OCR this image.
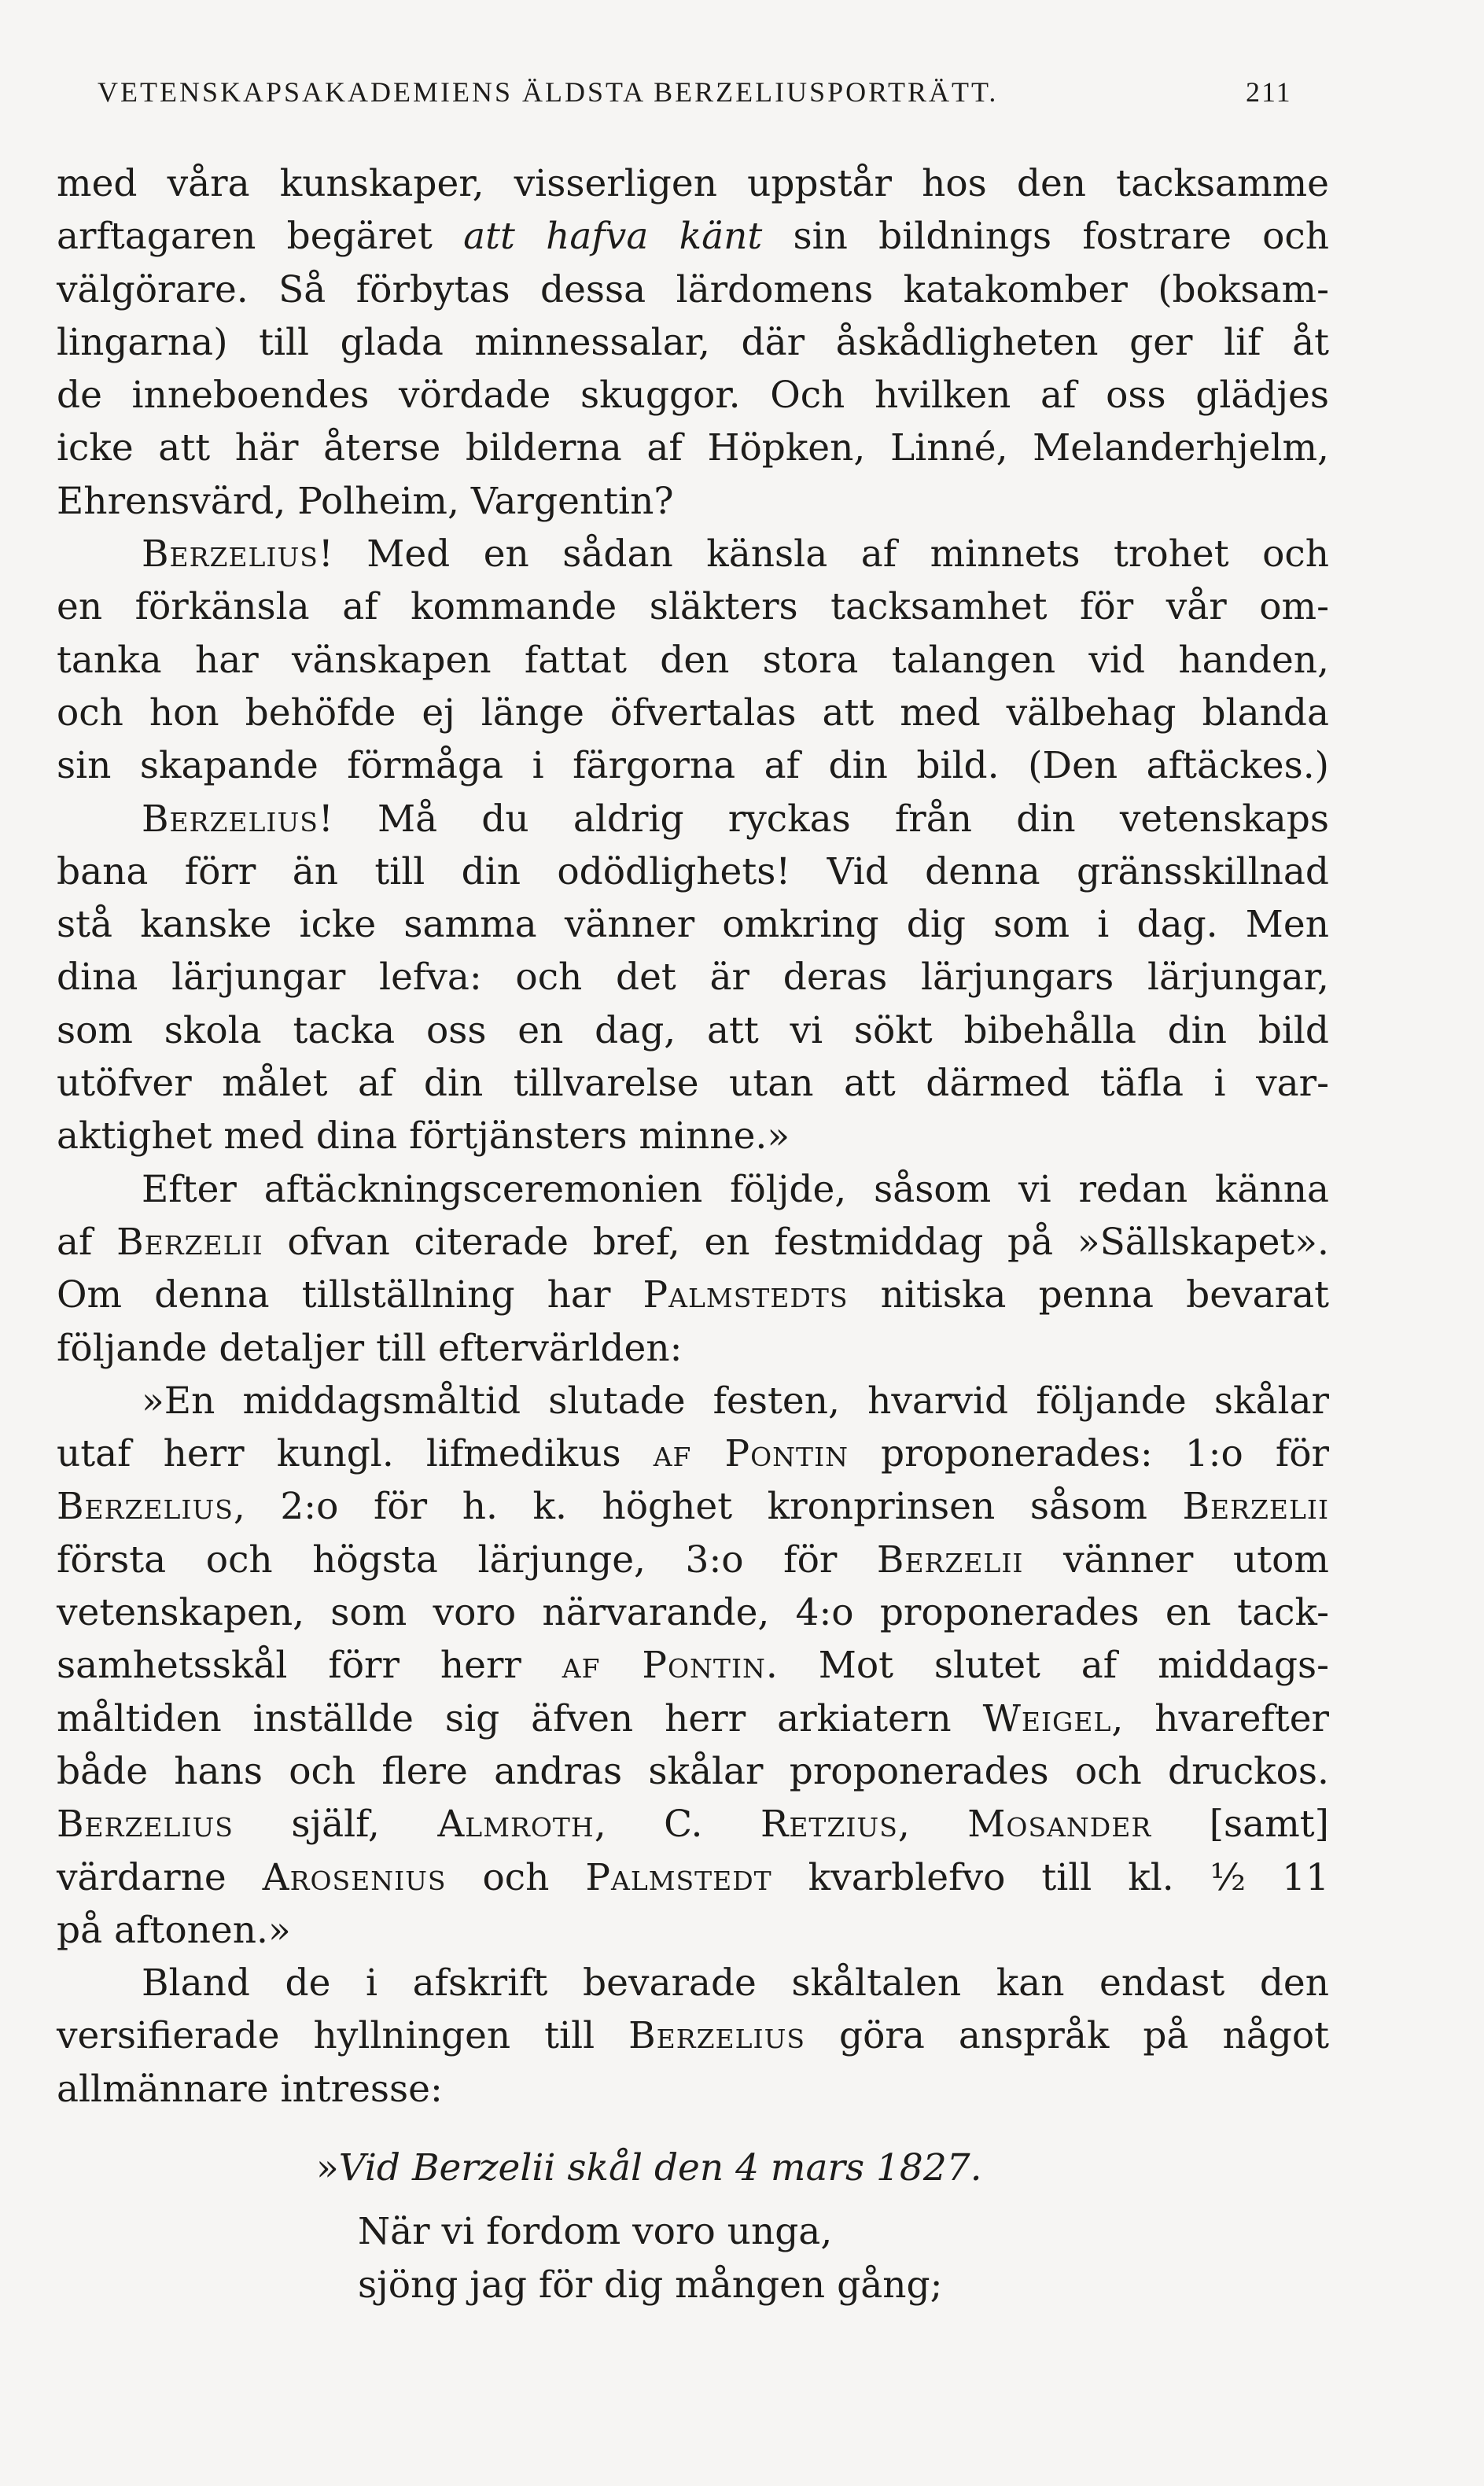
VETENSKAPSAKADEMIENS ÄLDSTA BERZELIUSPORTRÄTT.	211
med våra kunskaper, visserligen uppstår hos den tacksamme
arftagaren begäret att hafva känt sin bildnings fostrare och
välgörare. Så förbytas dessa lärdomens katakomber (boksam-
lingarna) till glada minnessalar, där åskådligheten ger lif åt
de inneboendes vördade skuggor. Och hvilken af oss glädjes
icke att här återse bilderna af Höpken, Linné, Melanderhjelm,
Ehrensvärd, Polheim, Vargentin?
Berzelius! Med en sådan känsla af minnets trohet och
en förkänsla af kommande släkters tacksamhet för vår om-
tanka har vänskapen fattat den stora talangen vid handen,
och hon behöfde ej länge öfvertalas att med välbehag blanda
sin skapande förmåga i färgorna af din bild. (Den aftäckes.)
Berzelius! Må du aldrig ryckas från din vetenskaps
bana förr än till din odödlighets! Vid denna gränsskillnad
stå kanske icke samma vänner omkring dig som i dag. Men
dina lärjungar lefva: och det är deras lärjungars lärjungar,
som skola tacka oss en dag, att vi sökt bibehålla din bild
utöfver målet af din tillvarelse utan att därmed täfla i var-
aktighet med dina förtjänsters minne.»
Efter aftäckningsceremonien följde, såsom vi redan känna
af Berzelii ofvan citerade bref, en festmiddag på »Sällskapet».
Om denna tillställning har Palmstedts nitiska penna bevarat
följande detaljer till eftervärlden:
»En middagsmåltid slutade festen, hvarvid följande skålar
utaf herr kungl. lifmedikus af Pontin proponerades: 1:o för
Berzelius, 2:o för h. k. höghet kronprinsen såsom Berzelii
första och högsta lärjunge, 3:o för Berzelii vänner utom
vetenskapen, som voro närvarande, 4:o proponerades en tack-
samhetsskål förr herr af Pontin. Mot slutet af middags-
måltiden inställde sig äfven herr arkiatern Weigel, hvarefter
både hans och flere andras skålar proponerades och druckos.
Berzelius själf, Almroth, C. Retzius, Mosander [samt]
värdarne Arosenius och Palmstedt kvarblefvo till kl. ½ 11
på aftonen.»
Bland de i afskrift bevarade skåltalen kan endast den
versifierade hyllningen till Berzelius göra anspråk på något
allmännare intresse:
»Vid Berzelii skål den 4 mars 1827.
När vi fordom voro unga,
sjöng jag för dig mången gång;
